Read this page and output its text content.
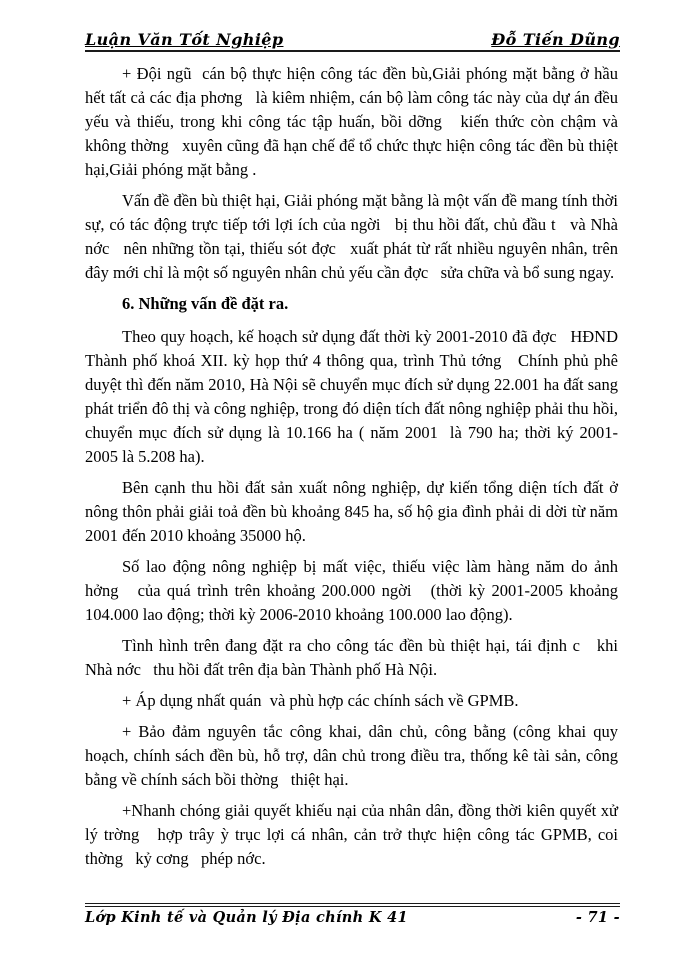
Luận Văn Tốt Nghiệp	Đỗ Tiến Dũng

+ Đội ngũ  cán bộ thực hiện công tác đền bù,Giải phóng mặt bằng ở hầu hết tất cả các địa phơng   là kiêm nhiệm, cán bộ làm công tác này của dự án đều yếu và thiếu, trong khi công tác tập huấn, bồi dỡng   kiến thức còn chậm và không thờng   xuyên cũng đã hạn chế để tổ chức thực hiện công tác đền bù thiệt hại,Giải phóng mặt bằng .

Vấn đề đền bù thiệt hại, Giải phóng mặt bằng là một vấn đề mang tính thời sự, có tác động trực tiếp tới lợi ích của ngời   bị thu hồi đất, chủ đầu t   và Nhà nớc   nên những tồn tại, thiếu sót đợc   xuất phát từ rất nhiều nguyên nhân, trên đây mới chỉ là một số nguyên nhân chủ yếu cần đợc   sửa chữa và bổ sung ngay.

6. Những vấn đề đặt ra.

Theo quy hoạch, kế hoạch sử dụng đất thời kỳ 2001-2010 đã đợc   HĐND Thành phố khoá XII. kỳ họp thứ 4 thông qua, trình Thủ tớng   Chính phủ phê duyệt thì đến năm 2010, Hà Nội sẽ chuyển mục đích sử dụng 22.001 ha đất sang phát triển đô thị và công nghiệp, trong đó diện tích đất nông nghiệp phải thu hồi, chuyển mục đích sử dụng là 10.166 ha ( năm 2001  là 790 ha; thời ký 2001-2005 là 5.208 ha).

Bên cạnh thu hồi đất sản xuất nông nghiệp, dự kiến tổng diện tích đất ở nông thôn phải giải toả đền bù khoảng 845 ha, số hộ gia đình phải di dời từ năm 2001 đến 2010 khoảng 35000 hộ.

Số lao động nông nghiệp bị mất việc, thiếu việc làm hàng năm do ảnh hởng   của quá trình trên khoảng 200.000 ngời   (thời kỳ 2001-2005 khoảng 104.000 lao động; thời kỳ 2006-2010 khoảng 100.000 lao động).

Tình hình trên đang đặt ra cho công tác đền bù thiệt hại, tái định c   khi Nhà nớc   thu hồi đất trên địa bàn Thành phố Hà Nội.

+ Áp dụng nhất quán  và phù hợp các chính sách về GPMB.

+ Bảo đảm nguyên tắc công khai, dân chủ, công bằng (công khai quy hoạch, chính sách đền bù, hỗ trợ, dân chủ trong điều tra, thống kê tài sản, công bằng về chính sách bồi thờng   thiệt hại.

+Nhanh chóng giải quyết khiếu nại của nhân dân, đồng thời kiên quyết xử lý trờng   hợp trây ỳ trục lợi cá nhân, cản trở thực hiện công tác GPMB, coi thờng   kỷ cơng   phép nớc.

Lớp Kinh tế và Quản lý Địa chính K 41	- 71 -
